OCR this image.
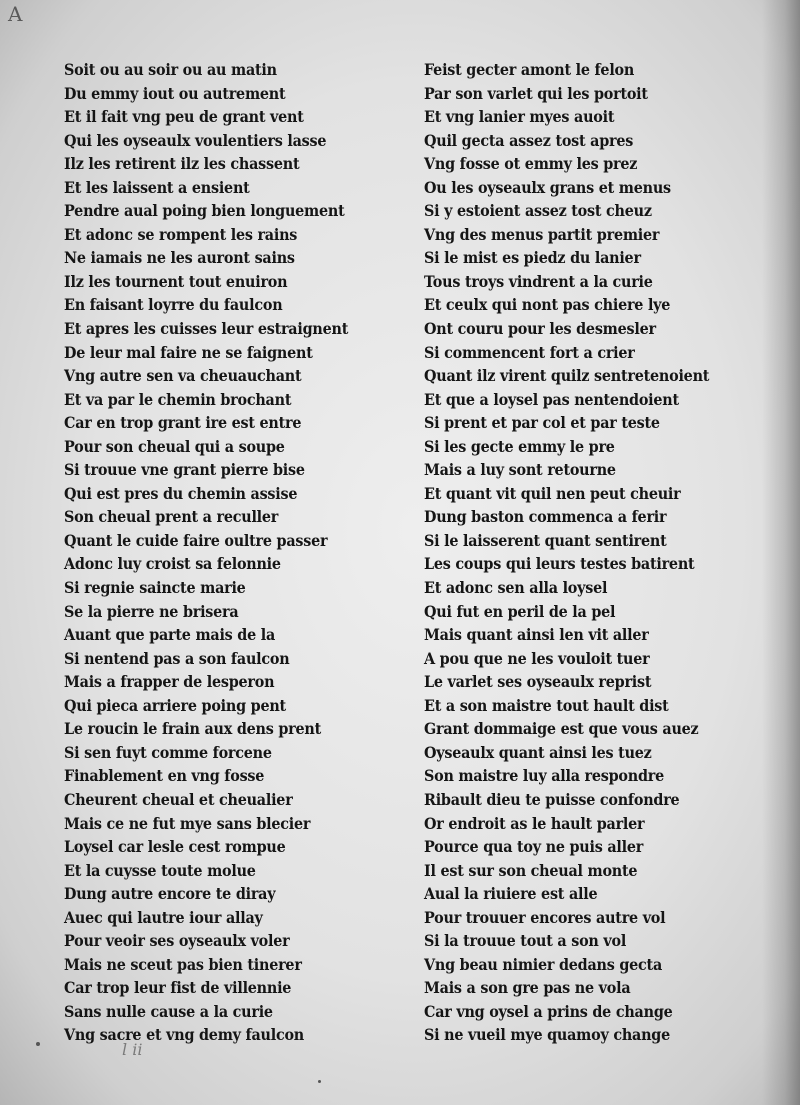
A
Soit ou au soir ou au matin
Du emmy iout ou autrement
Et il fait vng peu de grant vent
Qui les oyseaulx voulentiers lasse
Ilz les retirent ilz les chassent
Et les laissent a ensient
Pendre aual poing bien longuement
Et adonc se rompent les rains
Ne iamais ne les auront sains
Ilz les tournent tout enuiron
En faisant loyrre du faulcon
Et apres les cuisses leur estraignent
De leur mal faire ne se faignent
Vng autre sen va cheuauchant
Et va par le chemin brochant
Car en trop grant ire est entre
Pour son cheual qui a soupe
Si trouue vne grant pierre bise
Qui est pres du chemin assise
Son cheual prent a reculler
Quant le cuide faire oultre passer
Adonc luy croist sa felonnie
Si regnie saincte marie
Se la pierre ne brisera
Auant que parte mais de la
Si nentend pas a son faulcon
Mais a frapper de lesperon
Qui pieca arriere poing pent
Le roucin le frain aux dens prent
Si sen fuyt comme forcene
Finablement en vng fosse
Cheurent cheual et cheualier
Mais ce ne fut mye sans blecier
Loysel car lesle cest rompue
Et la cuysse toute molue
Dung autre encore te diray
Auec qui lautre iour allay
Pour veoir ses oyseaulx voler
Mais ne sceut pas bien tinerer
Car trop leur fist de villennie
Sans nulle cause a la curie
Vng sacre et vng demy faulcon
Feist gecter amont le felon
Par son varlet qui les portoit
Et vng lanier myes auoit
Quil gecta assez tost apres
Vng fosse ot emmy les prez
Ou les oyseaulx grans et menus
Si y estoient assez tost cheuz
Vng des menus partit premier
Si le mist es piedz du lanier
Tous troys vindrent a la curie
Et ceulx qui nont pas chiere lye
Ont couru pour les desmesler
Si commencent fort a crier
Quant ilz virent quilz sentretenoient
Et que a loysel pas nentendoient
Si prent et par col et par teste
Si les gecte emmy le pre
Mais a luy sont retourne
Et quant vit quil nen peut cheuir
Dung baston commenca a ferir
Si le laisserent quant sentirent
Les coups qui leurs testes batirent
Et adonc sen alla loysel
Qui fut en peril de la pel
Mais quant ainsi len vit aller
A pou que ne les vouloit tuer
Le varlet ses oyseaulx reprist
Et a son maistre tout hault dist
Grant dommaige est que vous auez
Oyseaulx quant ainsi les tuez
Son maistre luy alla respondre
Ribault dieu te puisse confondre
Or endroit as le hault parler
Pource qua toy ne puis aller
Il est sur son cheual monte
Aual la riuiere est alle
Pour trouuer encores autre vol
Si la trouue tout a son vol
Vng beau nimier dedans gecta
Mais a son gre pas ne vola
Car vng oysel a prins de change
Si ne vueil mye quamoy change
l ii
